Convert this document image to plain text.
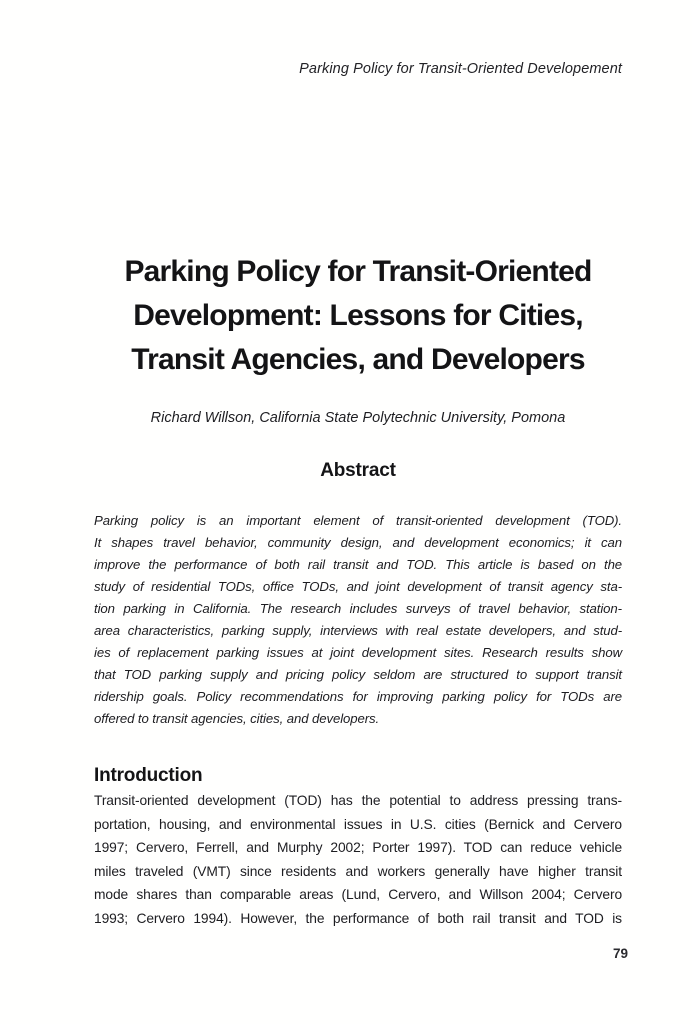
Parking Policy for Transit-Oriented Developement
Parking Policy for Transit-Oriented
Development: Lessons for Cities,
Transit Agencies, and Developers
Richard Willson, California State Polytechnic University, Pomona
Abstract
Parking policy is an important element of transit-oriented development (TOD).
It shapes travel behavior, community design, and development economics; it can
improve the performance of both rail transit and TOD. This article is based on the
study of residential TODs, office TODs, and joint development of transit agency sta-
tion parking in California. The research includes surveys of travel behavior, station-
area characteristics, parking supply, interviews with real estate developers, and stud-
ies of replacement parking issues at joint development sites. Research results show
that TOD parking supply and pricing policy seldom are structured to support transit
ridership goals. Policy recommendations for improving parking policy for TODs are
offered to transit agencies, cities, and developers.
Introduction
Transit-oriented development (TOD) has the potential to address pressing trans-
portation, housing, and environmental issues in U.S. cities (Bernick and Cervero
1997; Cervero, Ferrell, and Murphy 2002; Porter 1997). TOD can reduce vehicle
miles traveled (VMT) since residents and workers generally have higher transit
mode shares than comparable areas (Lund, Cervero, and Willson 2004; Cervero
1993; Cervero 1994). However, the performance of both rail transit and TOD is
79
